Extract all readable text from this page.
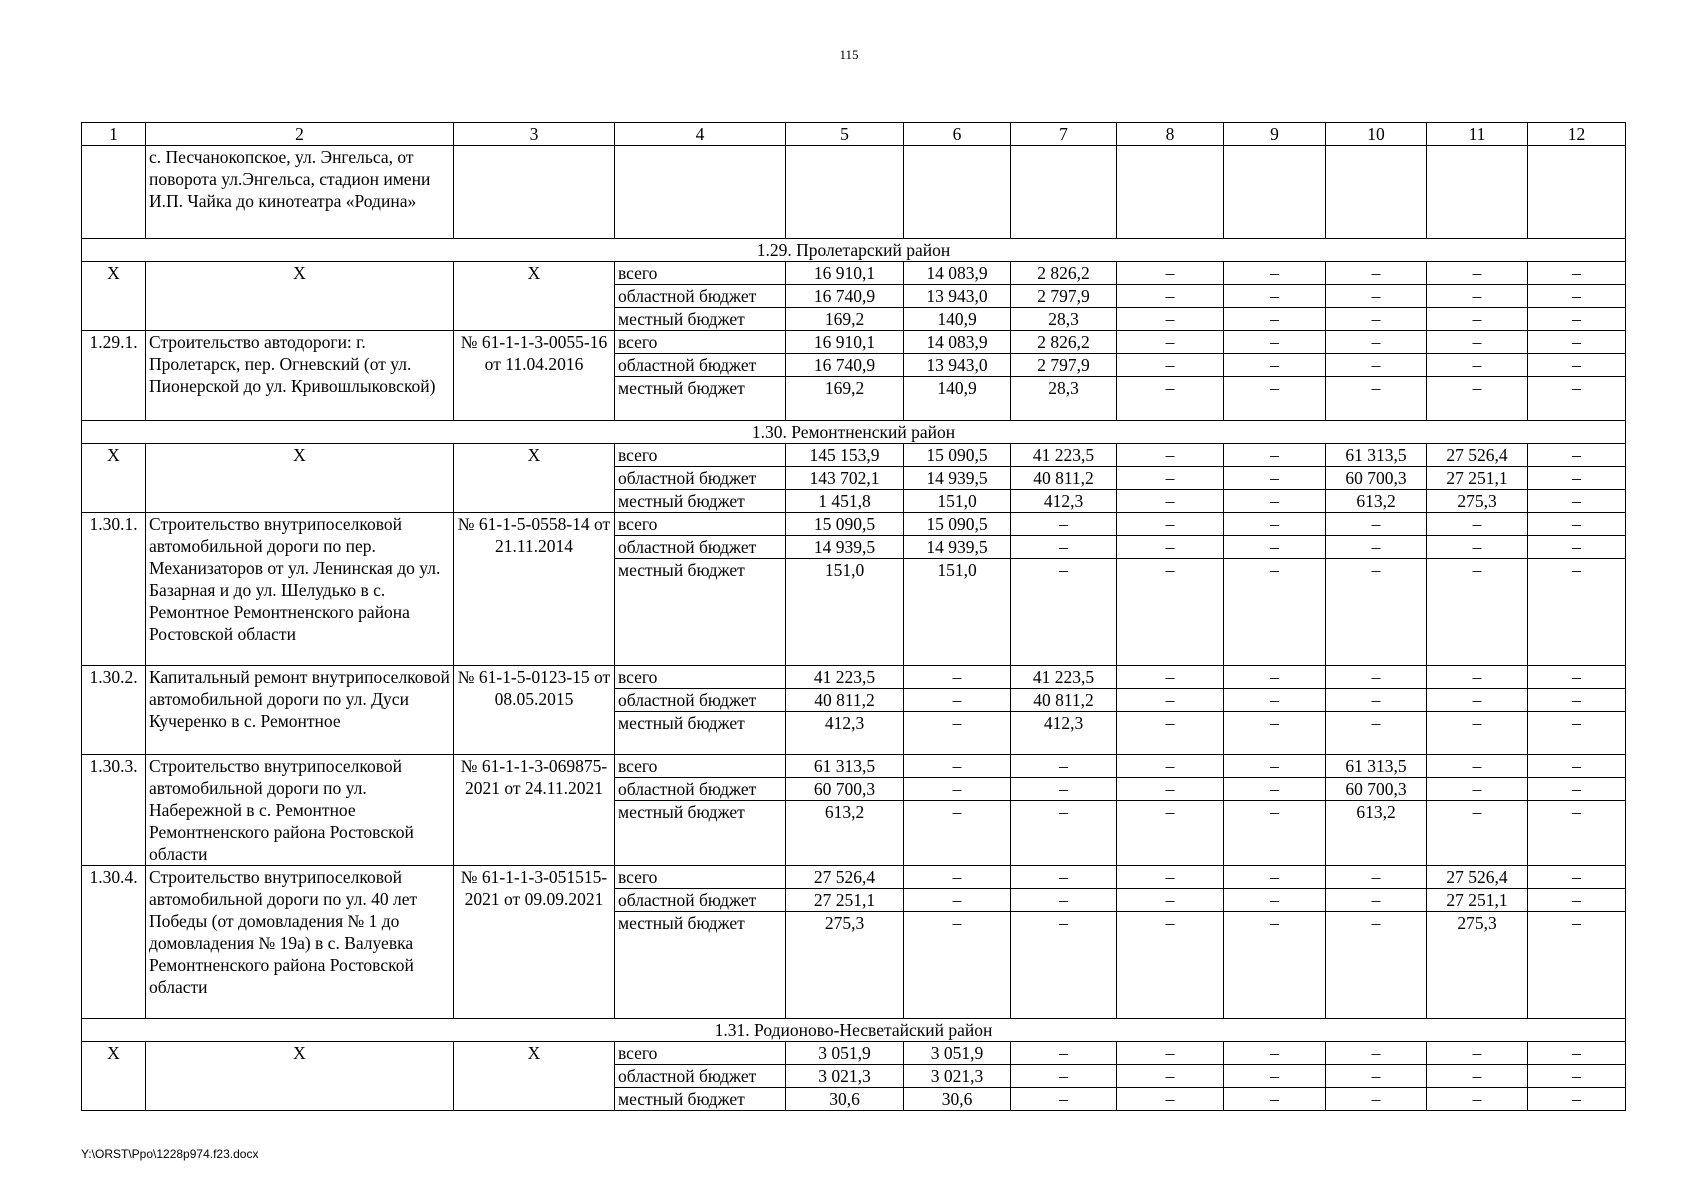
115
1	2	3	4	5	6	7	8	9	10	11	12
	с. Песчанокопское, ул. Энгельса, от поворота ул.Энгельса, стадион имени И.П. Чайка до кинотеатра «Родина»										
1.29. Пролетарский район											
Х	Х	Х	всего	16 910,1	14 083,9	2 826,2	–	–	–	–	–
			областной бюджет	16 740,9	13 943,0	2 797,9	–	–	–	–	–
			местный бюджет	169,2	140,9	28,3	–	–	–	–	–
1.29.1.	Строительство автодороги: г. Пролетарск, пер. Огневский (от ул. Пионерской до ул. Кривошлыковской)	№ 61-1-1-3-0055-16 от 11.04.2016	всего	16 910,1	14 083,9	2 826,2	–	–	–	–	–
			областной бюджет	16 740,9	13 943,0	2 797,9	–	–	–	–	–
			местный бюджет	169,2	140,9	28,3	–	–	–	–	–
1.30. Ремонтненский район											
Х	Х	Х	всего	145 153,9	15 090,5	41 223,5	–	–	61 313,5	27 526,4	–
			областной бюджет	143 702,1	14 939,5	40 811,2	–	–	60 700,3	27 251,1	–
			местный бюджет	1 451,8	151,0	412,3	–	–	613,2	275,3	–
1.30.1.	Строительство внутрипоселковой автомобильной дороги по пер. Механизаторов от ул. Ленинская до ул. Базарная и до ул. Шелудько в с. Ремонтное Ремонтненского района Ростовской области	№ 61-1-5-0558-14 от 21.11.2014	всего	15 090,5	15 090,5	–	–	–	–	–	–
			областной бюджет	14 939,5	14 939,5	–	–	–	–	–	–
			местный бюджет	151,0	151,0	–	–	–	–	–	–
1.30.2.	Капитальный ремонт внутрипоселковой автомобильной дороги по ул. Дуси Кучеренко в с. Ремонтное	№ 61-1-5-0123-15 от 08.05.2015	всего	41 223,5	–	41 223,5	–	–	–	–	–
			областной бюджет	40 811,2	–	40 811,2	–	–	–	–	–
			местный бюджет	412,3	–	412,3	–	–	–	–	–
1.30.3.	Строительство внутрипоселковой автомобильной дороги по ул. Набережной в с. Ремонтное Ремонтненского района Ростовской области	№ 61-1-1-3-069875-2021 от 24.11.2021	всего	61 313,5	–	–	–	–	61 313,5	–	–
			областной бюджет	60 700,3	–	–	–	–	60 700,3	–	–
			местный бюджет	613,2	–	–	–	–	613,2	–	–
1.30.4.	Строительство внутрипоселковой автомобильной дороги по ул. 40 лет Победы (от домовладения № 1 до домовладения № 19а) в с. Валуевка Ремонтненского района Ростовской области	№ 61-1-1-3-051515-2021 от 09.09.2021	всего	27 526,4	–	–	–	–	–	27 526,4	–
			областной бюджет	27 251,1	–	–	–	–	–	27 251,1	–
			местный бюджет	275,3	–	–	–	–	–	275,3	–
1.31. Родионово-Несветайский район											
Х	Х	Х	всего	3 051,9	3 051,9	–	–	–	–	–	–
			областной бюджет	3 021,3	3 021,3	–	–	–	–	–	–
			местный бюджет	30,6	30,6	–	–	–	–	–	–
Y:\ORST\Ppo\1228p974.f23.docx
